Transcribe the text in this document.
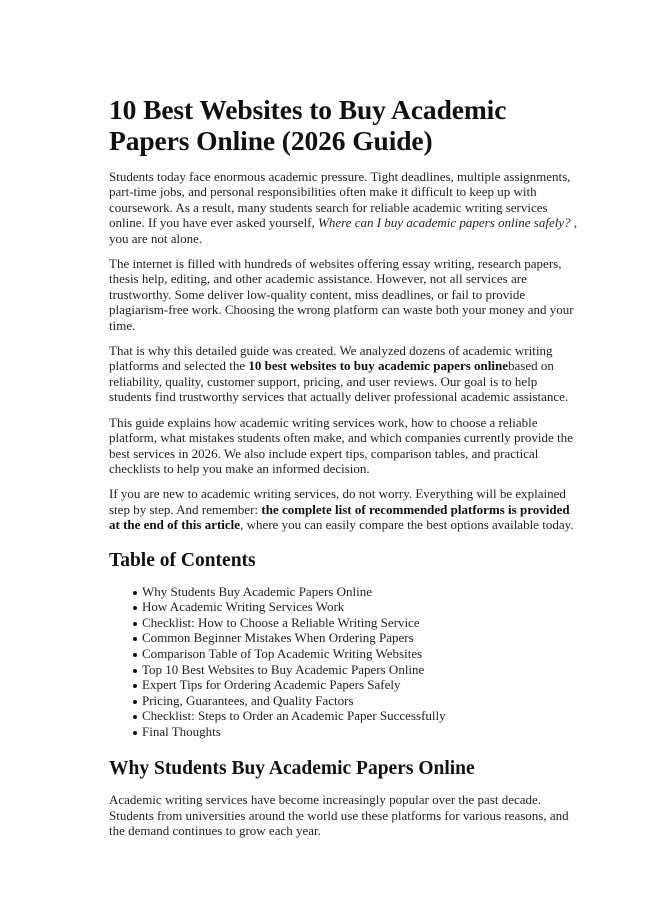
10 Best Websites to Buy Academic Papers Online (2026 Guide)

Students today face enormous academic pressure. Tight deadlines, multiple assignments, part-time jobs, and personal responsibilities often make it difficult to keep up with coursework. As a result, many students search for reliable academic writing services online. If you have ever asked yourself, Where can I buy academic papers online safely? , you are not alone.

The internet is filled with hundreds of websites offering essay writing, research papers, thesis help, editing, and other academic assistance. However, not all services are trustworthy. Some deliver low-quality content, miss deadlines, or fail to provide plagiarism-free work. Choosing the wrong platform can waste both your money and your time.

That is why this detailed guide was created. We analyzed dozens of academic writing platforms and selected the 10 best websites to buy academic papers onlinebased on reliability, quality, customer support, pricing, and user reviews. Our goal is to help students find trustworthy services that actually deliver professional academic assistance.

This guide explains how academic writing services work, how to choose a reliable platform, what mistakes students often make, and which companies currently provide the best services in 2026. We also include expert tips, comparison tables, and practical checklists to help you make an informed decision.

If you are new to academic writing services, do not worry. Everything will be explained step by step. And remember: the complete list of recommended platforms is provided at the end of this article, where you can easily compare the best options available today.

Table of Contents
Why Students Buy Academic Papers Online
How Academic Writing Services Work
Checklist: How to Choose a Reliable Writing Service
Common Beginner Mistakes When Ordering Papers
Comparison Table of Top Academic Writing Websites
Top 10 Best Websites to Buy Academic Papers Online
Expert Tips for Ordering Academic Papers Safely
Pricing, Guarantees, and Quality Factors
Checklist: Steps to Order an Academic Paper Successfully
Final Thoughts
Why Students Buy Academic Papers Online

Academic writing services have become increasingly popular over the past decade. Students from universities around the world use these platforms for various reasons, and the demand continues to grow each year.
